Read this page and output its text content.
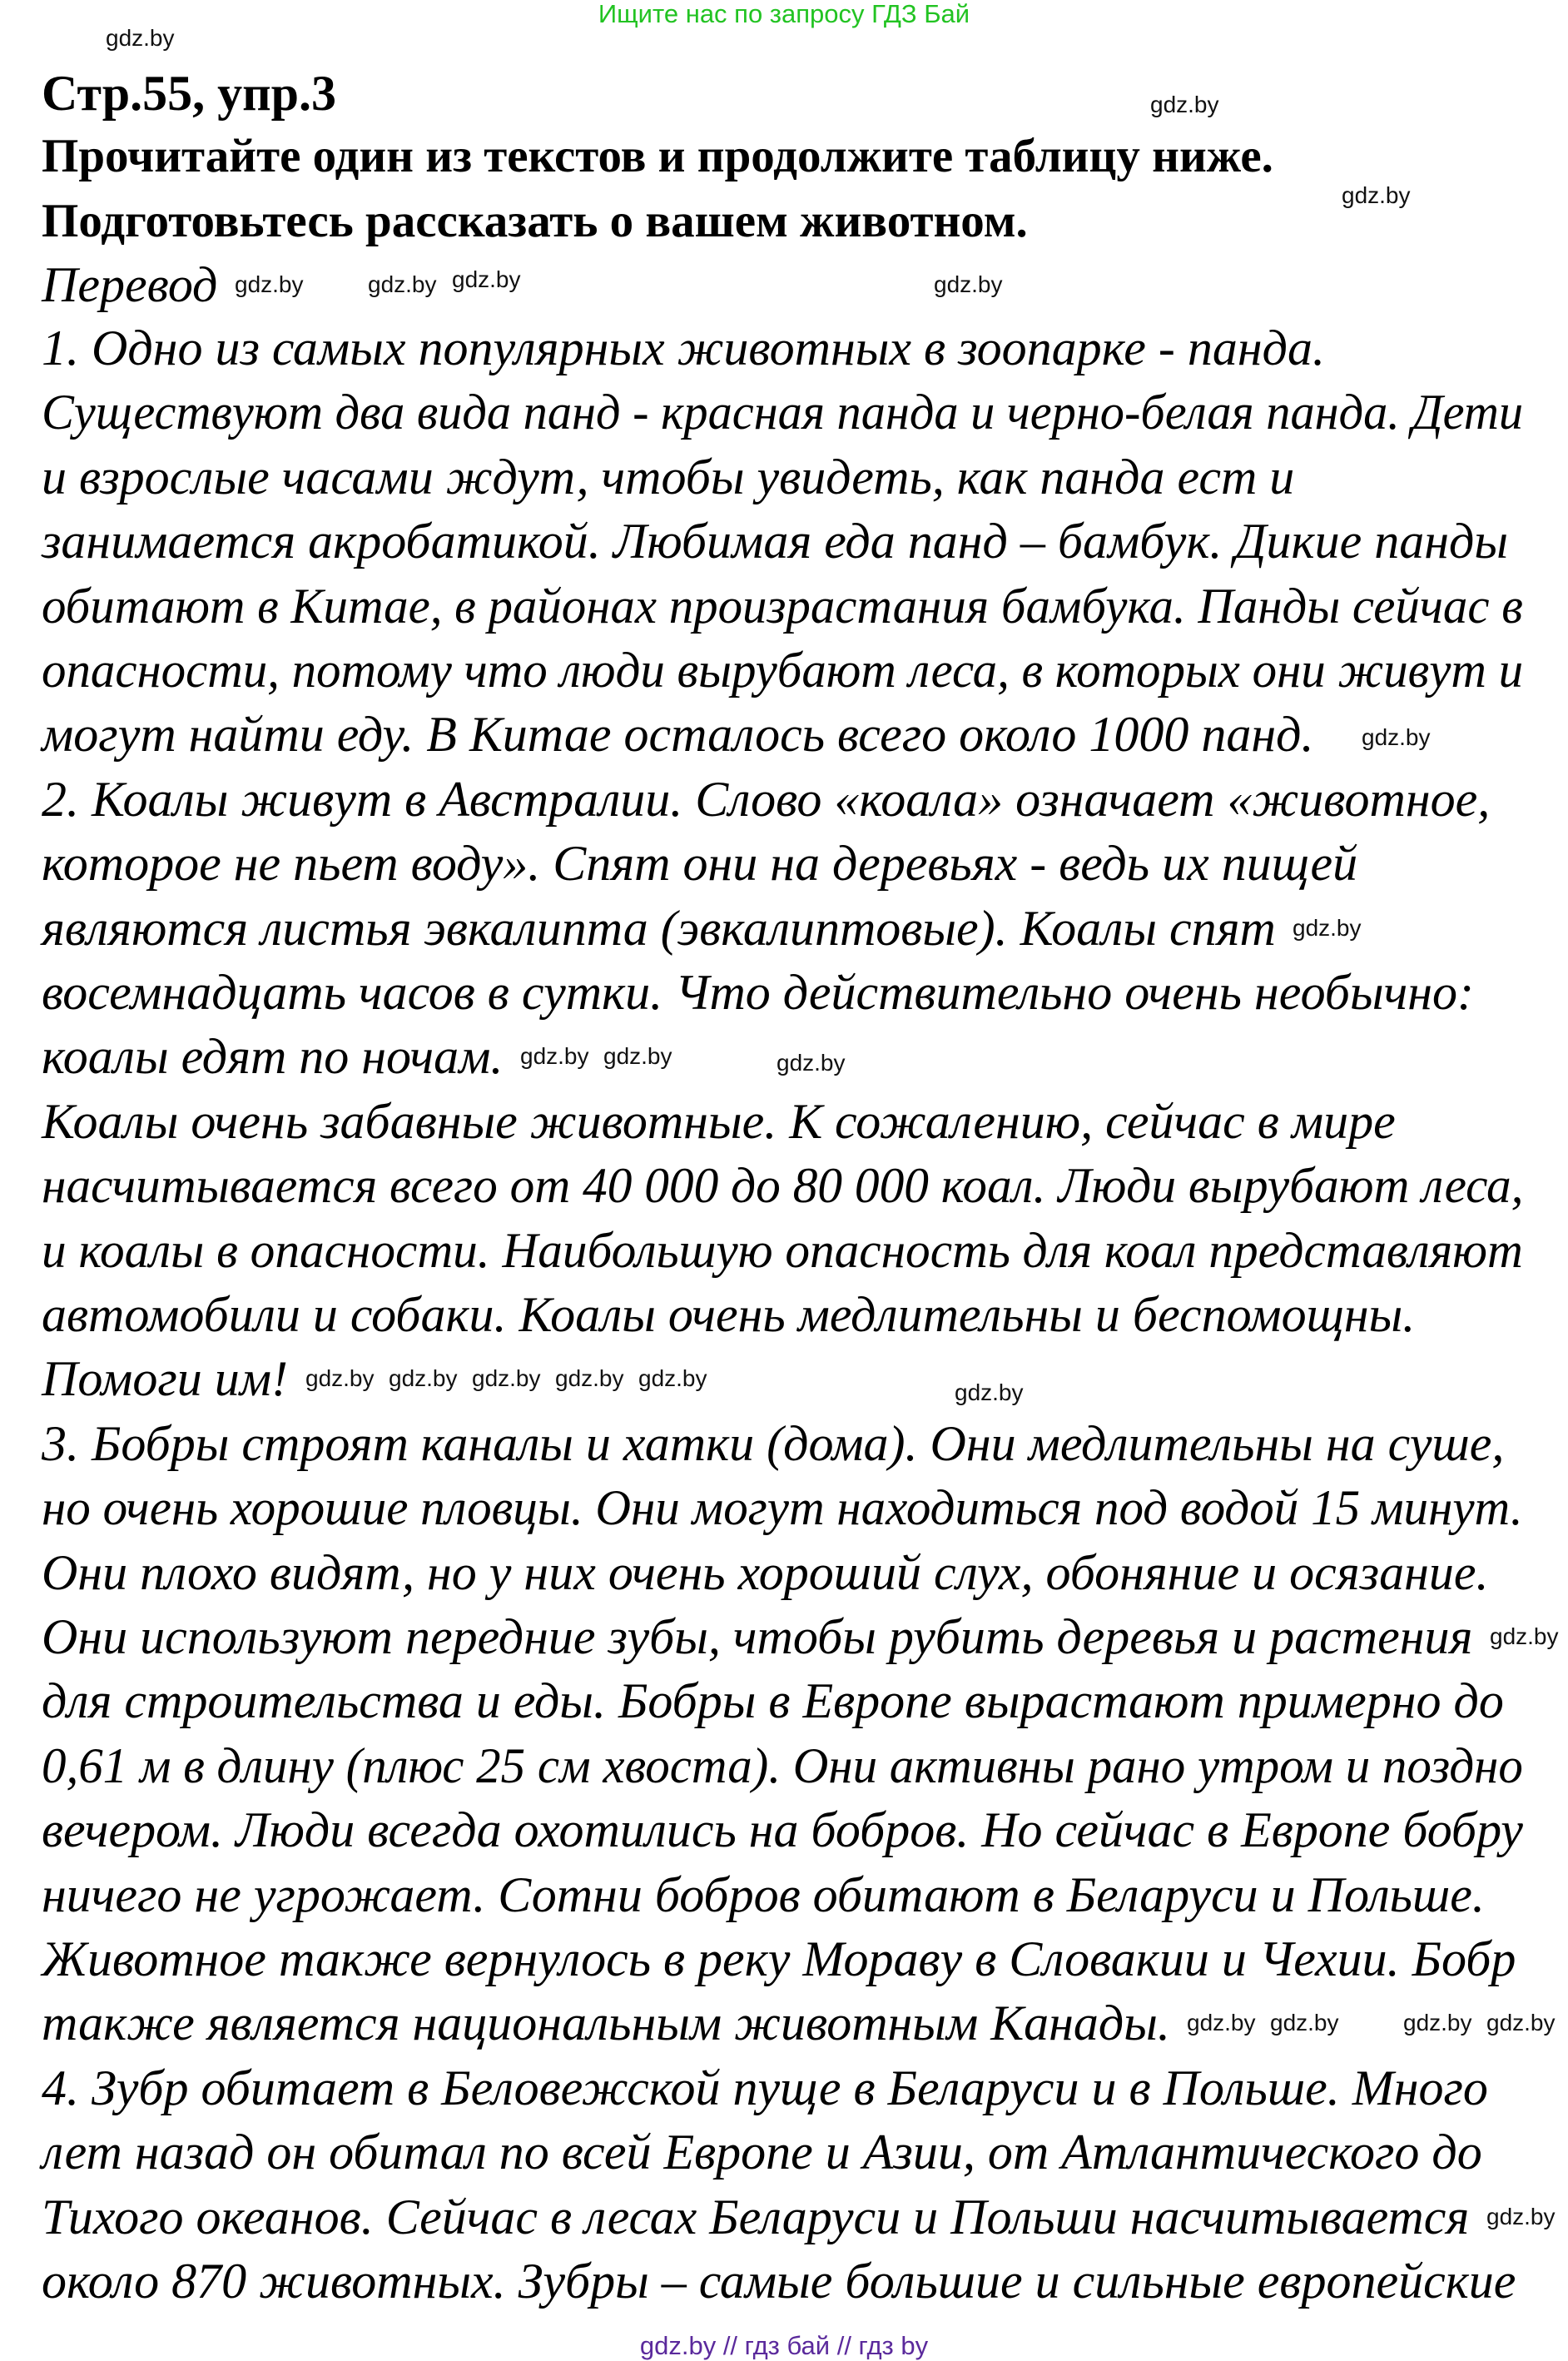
Ищите нас по запросу ГДЗ Бай
Стр.55, упр.3
Прочитайте один из текстов и продолжите таблицу ниже.
Подготовьтесь рассказать о вашем животном.
Перевод
1. Одно из самых популярных животных в зоопарке - панда.
Существуют два вида панд - красная панда и черно-белая панда. Дети
и взрослые часами ждут, чтобы увидеть, как панда ест и
занимается акробатикой. Любимая еда панд – бамбук. Дикие панды
обитают в Китае, в районах произрастания бамбука. Панды сейчас в
опасности, потому что люди вырубают леса, в которых они живут и
могут найти еду. В Китае осталось всего около 1000 панд.
2. Коалы живут в Австралии. Слово «коала» означает «животное,
которое не пьет воду». Спят они на деревьях - ведь их пищей
являются листья эвкалипта (эвкалиптовые). Коалы спят
восемнадцать часов в сутки. Что действительно очень необычно:
коалы едят по ночам.
Коалы очень забавные животные. К сожалению, сейчас в мире
насчитывается всего от 40 000 до 80 000 коал. Люди вырубают леса,
и коалы в опасности. Наибольшую опасность для коал представляют
автомобили и собаки. Коалы очень медлительны и беспомощны.
Помоги им!
3. Бобры строят каналы и хатки (дома). Они медлительны на суше,
но очень хорошие пловцы. Они могут находиться под водой 15 минут.
Они плохо видят, но у них очень хороший слух, обоняние и осязание.
Они используют передние зубы, чтобы рубить деревья и растения
для строительства и еды. Бобры в Европе вырастают примерно до
0,61 м в длину (плюс 25 см хвоста). Они активны рано утром и поздно
вечером. Люди всегда охотились на бобров. Но сейчас в Европе бобру
ничего не угрожает. Сотни бобров обитают в Беларуси и Польше.
Животное также вернулось в реку Мораву в Словакии и Чехии. Бобр
также является национальным животным Канады.
4. Зубр обитает в Беловежской пуще в Беларуси и в Польше. Много
лет назад он обитал по всей Европе и Азии, от Атлантического до
Тихого океанов. Сейчас в лесах Беларуси и Польши насчитывается
около 870 животных. Зубры – самые большие и сильные европейские
gdz.by
gdz.by
gdz.by
gdz.by	gdz.by
gdz.by
gdz.by
gdz.by
gdz.by
gdz.by	gdz.by
gdz.by
gdz.by	gdz.by
gdz.by
gdz.by
gdz.by
gdz.by
gdz.by
gdz.by	gdz.by
gdz.by
gdz.by
gdz.by
gdz.by // гдз бай // гдз by
